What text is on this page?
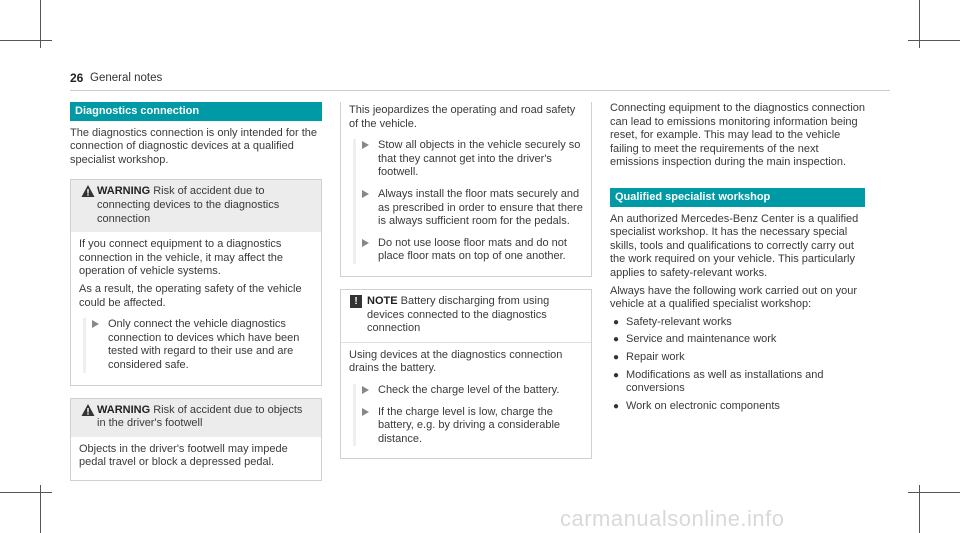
26 General notes
Diagnostics connection

The diagnostics connection is only intended for the connection of diagnostic devices at a qualified specialist workshop.

WARNING Risk of accident due to connecting devices to the diagnostics connection

If you connect equipment to a diagnostics connection in the vehicle, it may affect the operation of vehicle systems.

As a result, the operating safety of the vehicle could be affected.

Only connect the vehicle diagnostics connection to devices which have been tested with regard to their use and are considered safe.
WARNING Risk of accident due to objects in the driver's footwell

Objects in the driver's footwell may impede pedal travel or block a depressed pedal.

This jeopardizes the operating and road safety of the vehicle.

Stow all objects in the vehicle securely so that they cannot get into the driver's footwell.
Always install the floor mats securely and as prescribed in order to ensure that there is always sufficient room for the pedals.
Do not use loose floor mats and do not place floor mats on top of one another.
! NOTE Battery discharging from using devices connected to the diagnostics connection

Using devices at the diagnostics connection drains the battery.

Check the charge level of the battery.
If the charge level is low, charge the battery, e.g. by driving a considerable distance.

Connecting equipment to the diagnostics connection can lead to emissions monitoring information being reset, for example. This may lead to the vehicle failing to meet the requirements of the next emissions inspection during the main inspection.

Qualified specialist workshop

An authorized Mercedes-Benz Center is a qualified specialist workshop. It has the necessary special skills, tools and qualifications to correctly carry out the work required on your vehicle. This particularly applies to safety-relevant works.

Always have the following work carried out on your vehicle at a qualified specialist workshop:

● Safety-relevant works
● Service and maintenance work
● Repair work
● Modifications as well as installations and conversions
● Work on electronic components
carmanualsonline.info
